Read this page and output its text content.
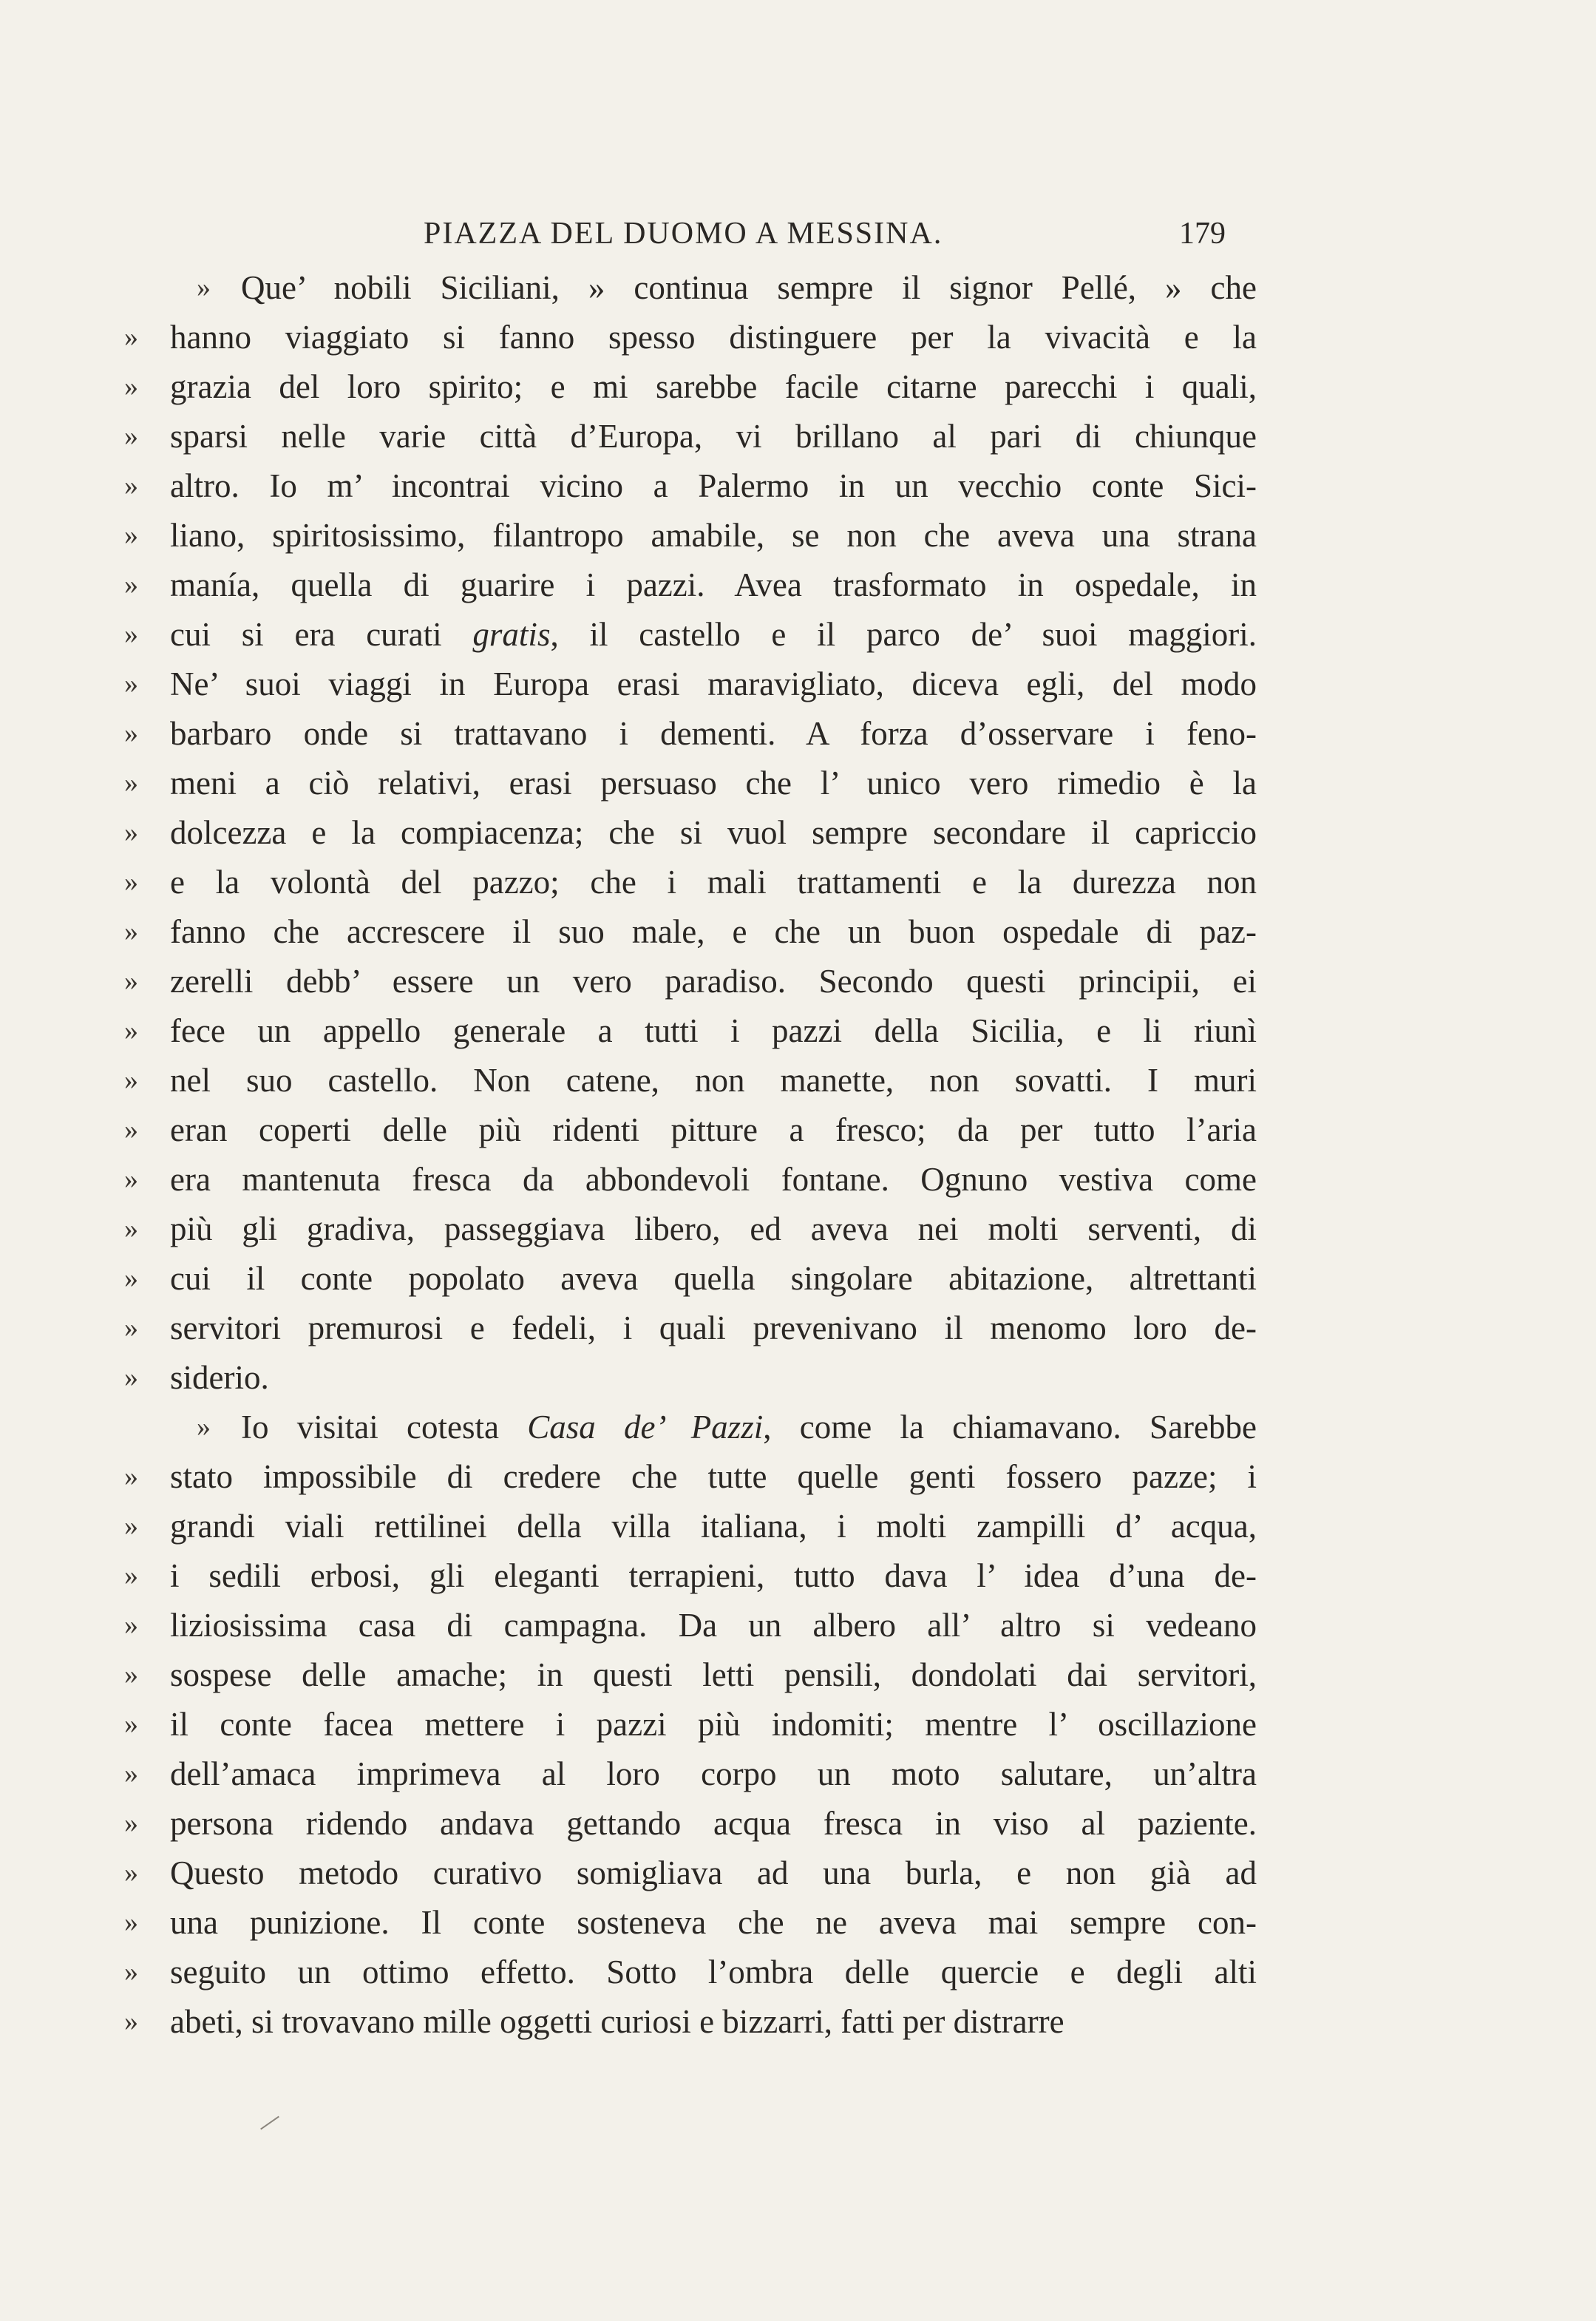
PIAZZA DEL DUOMO A MESSINA.	179
» Que’ nobili Siciliani, » continua sempre il signor Pellé, » che
» hanno viaggiato si fanno spesso distinguere per la vivacità e la
» grazia del loro spirito; e mi sarebbe facile citarne parecchi i quali,
» sparsi nelle varie città d’Europa, vi brillano al pari di chiunque
» altro. Io m’ incontrai vicino a Palermo in un vecchio conte Sici-
» liano, spiritosissimo, filantropo amabile, se non che aveva una strana
» manía, quella di guarire i pazzi. Avea trasformato in ospedale, in
» cui si era curati gratis, il castello e il parco de’ suoi maggiori.
» Ne’ suoi viaggi in Europa erasi maravigliato, diceva egli, del modo
» barbaro onde si trattavano i dementi. A forza d’osservare i feno-
» meni a ciò relativi, erasi persuaso che l’ unico vero rimedio è la
» dolcezza e la compiacenza; che si vuol sempre secondare il capriccio
» e la volontà del pazzo; che i mali trattamenti e la durezza non
» fanno che accrescere il suo male, e che un buon ospedale di paz-
» zerelli debb’ essere un vero paradiso. Secondo questi principii, ei
» fece un appello generale a tutti i pazzi della Sicilia, e li riunì
» nel suo castello. Non catene, non manette, non sovatti. I muri
» eran coperti delle più ridenti pitture a fresco; da per tutto l’aria
» era mantenuta fresca da abbondevoli fontane. Ognuno vestiva come
» più gli gradiva, passeggiava libero, ed aveva nei molti serventi, di
» cui il conte popolato aveva quella singolare abitazione, altrettanti
» servitori premurosi e fedeli, i quali prevenivano il menomo loro de-
» siderio.
» Io visitai cotesta Casa de’ Pazzi, come la chiamavano. Sarebbe
» stato impossibile di credere che tutte quelle genti fossero pazze; i
» grandi viali rettilinei della villa italiana, i molti zampilli d’ acqua,
» i sedili erbosi, gli eleganti terrapieni, tutto dava l’ idea d’una de-
» liziosissima casa di campagna. Da un albero all’ altro si vedeano
» sospese delle amache; in questi letti pensili, dondolati dai servitori,
» il conte facea mettere i pazzi più indomiti; mentre l’ oscillazione
» dell’amaca imprimeva al loro corpo un moto salutare, un’altra
» persona ridendo andava gettando acqua fresca in viso al paziente.
» Questo metodo curativo somigliava ad una burla, e non già ad
» una punizione. Il conte sosteneva che ne aveva mai sempre con-
» seguito un ottimo effetto. Sotto l’ombra delle quercie e degli alti
» abeti, si trovavano mille oggetti curiosi e bizzarri, fatti per distrarre
